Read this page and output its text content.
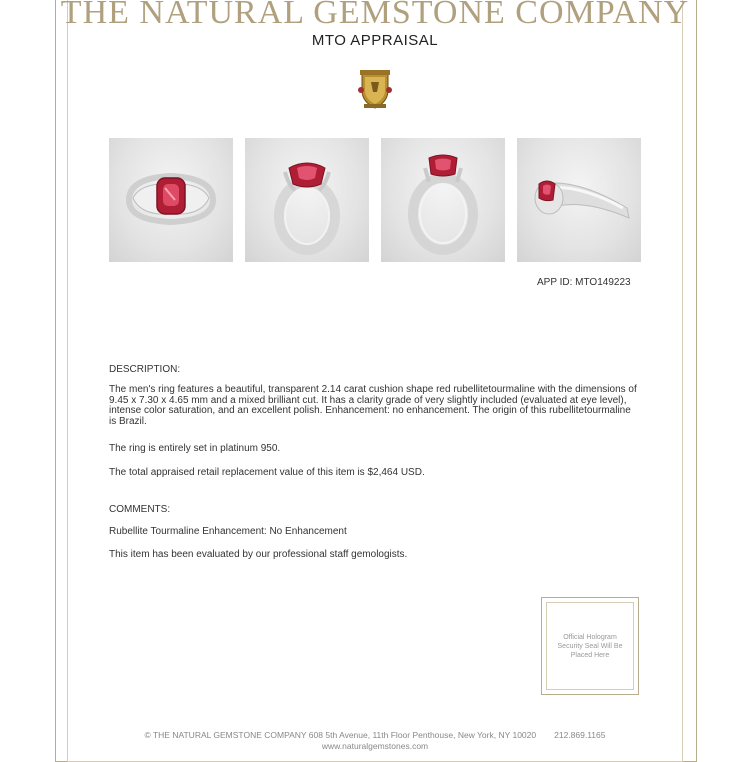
THE NATURAL GEMSTONE COMPANY
MTO APPRAISAL
APP ID: MTO149223
DESCRIPTION:
The men's ring features a beautiful, transparent 2.14 carat cushion shape red rubellitetourmaline with the dimensions of 9.45 x 7.30 x 4.65 mm and a mixed brilliant cut. It has a clarity grade of very slightly included (evaluated at eye level), intense color saturation, and an excellent polish. Enhancement: no enhancement. The origin of this rubellitetourmaline is Brazil.
The ring is entirely set in platinum 950.
The total appraised retail replacement value of this item is $2,464 USD.
COMMENTS:
Rubellite Tourmaline Enhancement: No Enhancement
This item has been evaluated by our professional staff gemologists.
Official Hologram Security Seal Will Be Placed Here
© THE NATURAL GEMSTONE COMPANY 608 5th Avenue, 11th Floor Penthouse, New York, NY 10020 212.869.1165
www.naturalgemstones.com
